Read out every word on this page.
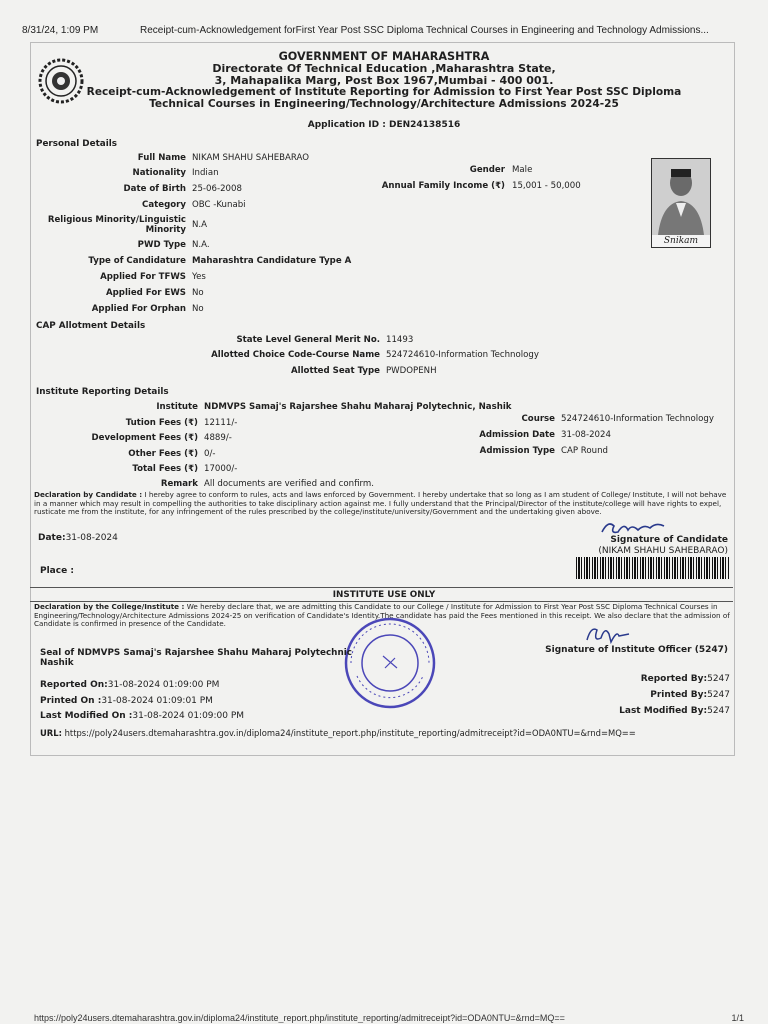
8/31/24, 1:09 PM	Receipt-cum-Acknowledgement forFirst Year Post SSC Diploma Technical Courses in Engineering and Technology Admissions...
GOVERNMENT OF MAHARASHTRA
Directorate Of Technical Education ,Maharashtra State,
3, Mahapalika Marg, Post Box 1967,Mumbai - 400 001.
Receipt-cum-Acknowledgement of Institute Reporting for Admission to First Year Post SSC Diploma
Technical Courses in Engineering/Technology/Architecture Admissions 2024-25
Application ID : DEN24138516
Personal Details
Full Name NIKAM SHAHU SAHEBARAO
Nationality Indian
Date of Birth 25-06-2008
Category OBC -Kunabi
Religious Minority/Linguistic
Minority N.A
PWD Type N.A.
Type of Candidature Maharashtra Candidature Type A
Applied For TFWS Yes
Applied For EWS No
Applied For Orphan No
Gender Male
Annual Family Income (₹) 15,001 - 50,000
Snikam
CAP Allotment Details
State Level General Merit No. 11493
Allotted Choice Code-Course Name 524724610-Information Technology
Allotted Seat Type PWDOPENH
Institute Reporting Details
Institute NDMVPS Samaj's Rajarshee Shahu Maharaj Polytechnic, Nashik
Tution Fees (₹) 12111/-
Development Fees (₹) 4889/-
Other Fees (₹) 0/-
Total Fees (₹) 17000/-
Remark All documents are verified and confirm.
Course 524724610-Information Technology
Admission Date 31-08-2024
Admission Type CAP Round
Declaration by Candidate : I hereby agree to conform to rules, acts and laws enforced by Government. I hereby undertake that so long as I am student of College/ Institute, I will not behave in a manner which may result in compelling the authorities to take disciplinary action against me. I fully understand that the Principal/Director of the institute/college will have rights to expel, rusticate me from the institute, for any infringement of the rules prescribed by the college/institute/university/Government and the undertaking given above.
Date:31-08-2024
Place :
Signature of Candidate
(NIKAM SHAHU SAHEBARAO)
INSTITUTE USE ONLY
Declaration by the College/Institute : We hereby declare that, we are admitting this Candidate to our College / Institute for Admission to First Year Post SSC Diploma Technical Courses in Engineering/Technology/Architecture Admissions 2024-25 on verification of Candidate's Identity.The candidate has paid the Fees mentioned in this receipt. We also declare that the admission of Candidate is confirmed in presence of the Candidate.
Seal of NDMVPS Samaj's Rajarshee Shahu Maharaj Polytechnic
Nashik
Signature of Institute Officer (5247)
Reported On:31-08-2024 01:09:00 PM
Printed On :31-08-2024 01:09:01 PM
Last Modified On :31-08-2024 01:09:00 PM
Reported By:5247
Printed By:5247
Last Modified By:5247
URL: https://poly24users.dtemaharashtra.gov.in/diploma24/institute_report.php/institute_reporting/admitreceipt?id=ODA0NTU=&rnd=MQ==
https://poly24users.dtemaharashtra.gov.in/diploma24/institute_report.php/institute_reporting/admitreceipt?id=ODA0NTU=&rnd=MQ==	1/1
